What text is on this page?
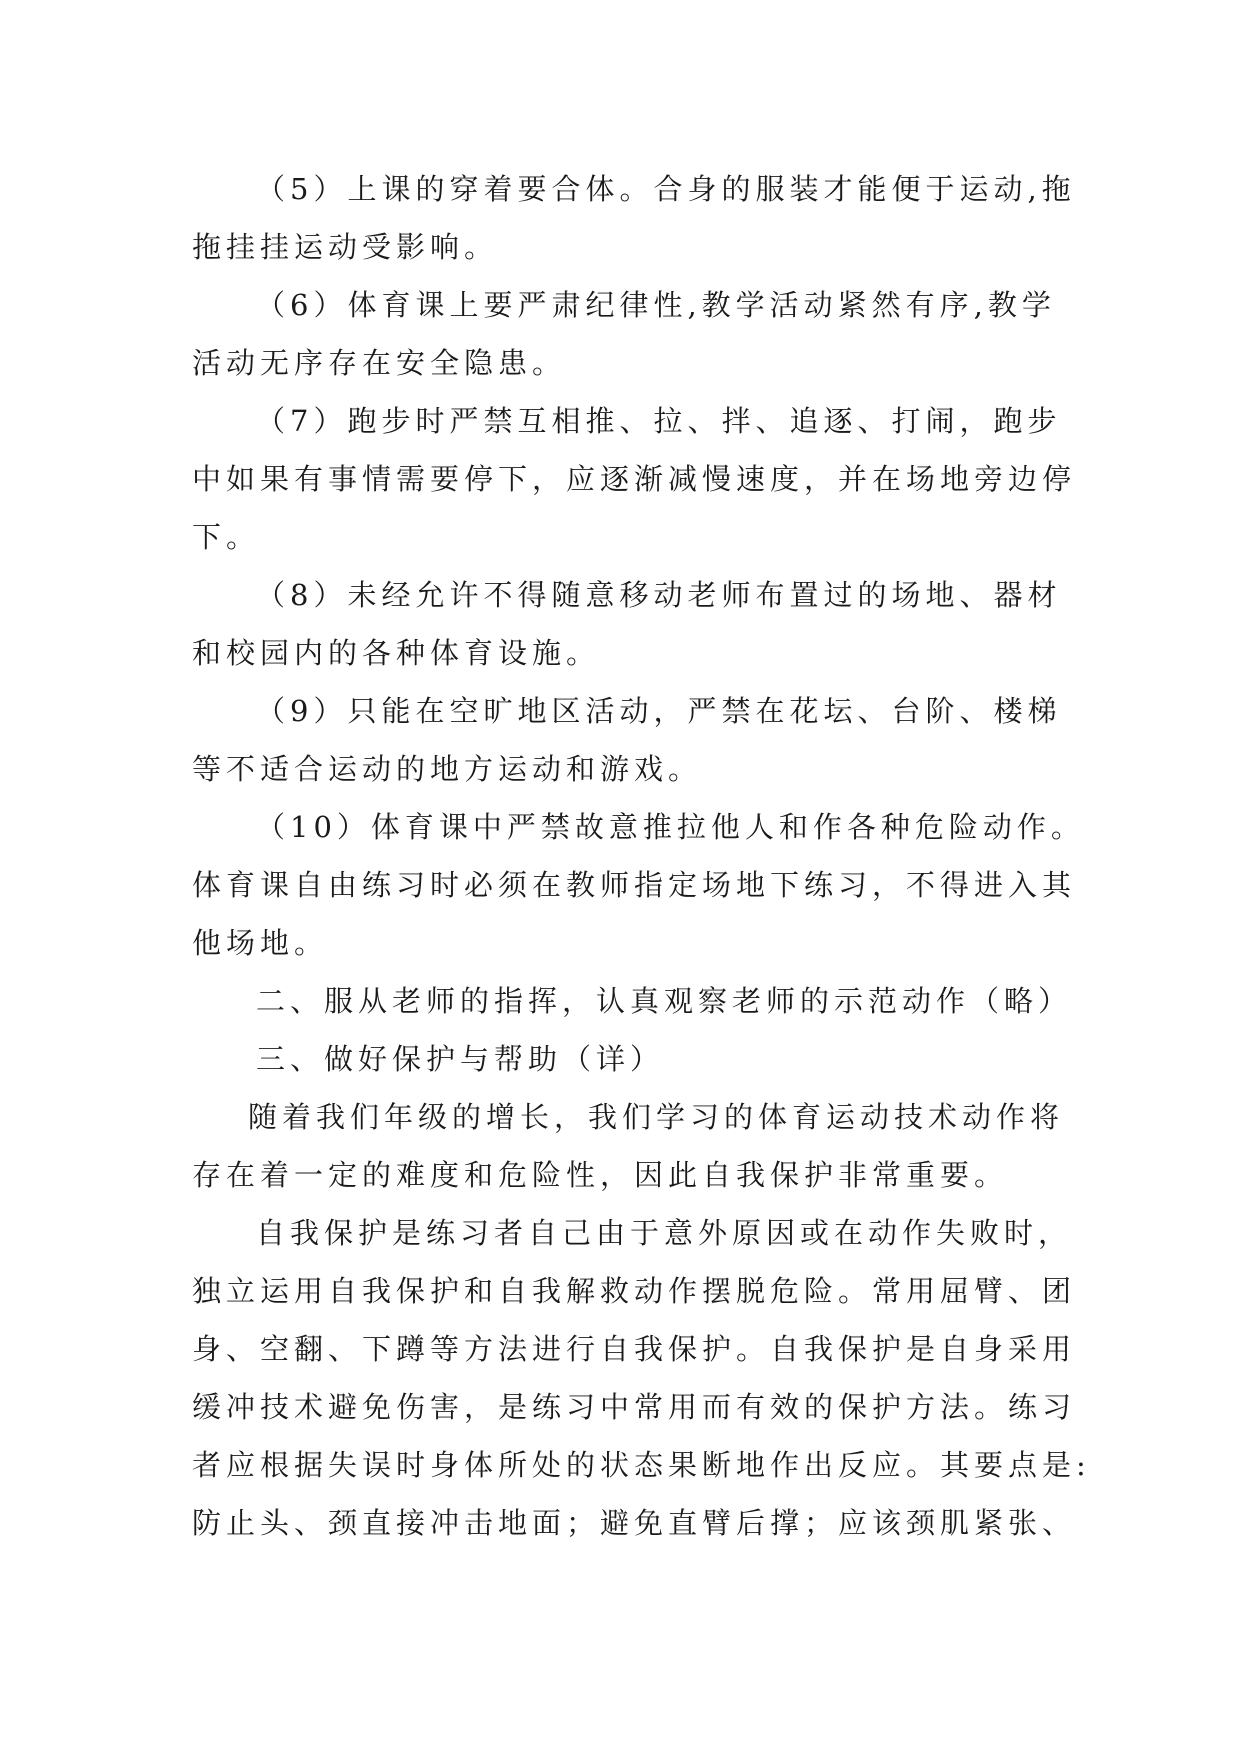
（5）上课的穿着要合体。合身的服装才能便于运动,拖
拖挂挂运动受影响。
（6）体育课上要严肃纪律性,教学活动紧然有序,教学
活动无序存在安全隐患。
（7）跑步时严禁互相推、拉、拌、追逐、打闹，跑步
中如果有事情需要停下，应逐渐减慢速度，并在场地旁边停
下。
（8）未经允许不得随意移动老师布置过的场地、器材
和校园内的各种体育设施。
（9）只能在空旷地区活动，严禁在花坛、台阶、楼梯
等不适合运动的地方运动和游戏。
（10）体育课中严禁故意推拉他人和作各种危险动作。
体育课自由练习时必须在教师指定场地下练习，不得进入其
他场地。
二、服从老师的指挥，认真观察老师的示范动作（略）
三、做好保护与帮助（详）
随着我们年级的增长，我们学习的体育运动技术动作将
存在着一定的难度和危险性，因此自我保护非常重要。
自我保护是练习者自己由于意外原因或在动作失败时，
独立运用自我保护和自我解救动作摆脱危险。常用屈臂、团
身、空翻、下蹲等方法进行自我保护。自我保护是自身采用
缓冲技术避免伤害，是练习中常用而有效的保护方法。练习
者应根据失误时身体所处的状态果断地作出反应。其要点是:
防止头、颈直接冲击地面；避免直臂后撑；应该颈肌紧张、
